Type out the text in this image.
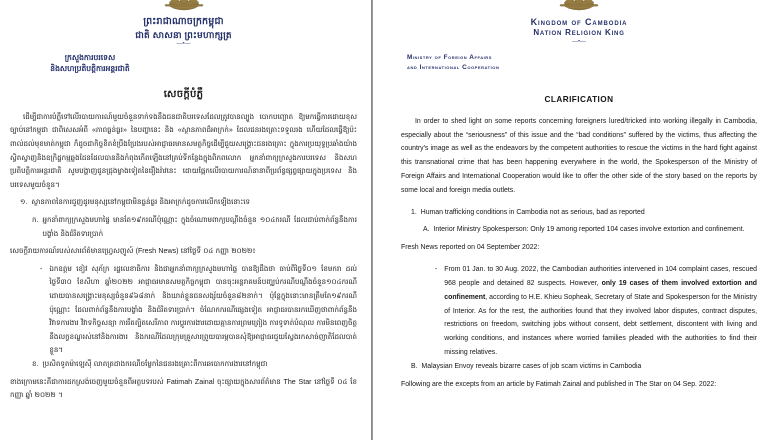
ព្រះរាជាណាចក្រកម្ពុជា
ជាតិ សាសនា ព្រះមហាក្សត្រ
—•—
ក្រសួងការបរទេស
និងសហប្រតិបត្តិការអន្តរជាតិ
សេចក្តីបំភ្លឺ

ដើម្បីជាការបំភ្លឺទៅលើរបាយការណ៍មួយចំនួនទាក់ទងនឹងជនជាតិបរទេសដែលត្រូវបានល្បួង បោកបញ្ឆោត ឱ្យមកធ្វើការដោយខុសច្បាប់នៅកម្ពុជា ជាពិសេសអំពី «ភាពធ្ងន់ធ្ងរ» នៃបញ្ហានេះ និង «ស្ថានភាពដ៏អាក្រក់» ដែលជនរងគ្រោះទទួលរង ហើយដែលធ្វើឱ្យប៉ះពាល់ដល់មុខមាត់កម្ពុជា ក៏ដូចជាកិច្ចខិតខំប្រឹងប្រែងរបស់អាជ្ញាធរមានសមត្ថកិច្ចដើម្បីជួយសង្គ្រោះជនរងគ្រោះ ក្នុងការប្រយុទ្ធប្រឆាំងយ៉ាងស្វិតស្វាញនិងឧក្រិដ្ឋកម្មឆ្លងដែនដែលបាននិងកំពុងកើតឡើងនៅគ្រប់ទីកន្លែងក្នុងពិភពលោក អ្នកនាំពាក្យក្រសួងការបរទេស និងសហប្រតិបត្តិការអន្តរជាតិ សូមបង្ហាញជូនជ្រុងម្ខាងទៀតនៃរឿងរ៉ាវនេះ ដោយផ្អែកលើរបាយការណ៍នានាពីប្រព័ន្ធផ្សព្វផ្សាយក្នុងប្រទេស និងបរទេសមួយចំនួន។

១. ស្ថានភាពនៃការជួញដូរមនុស្សនៅកម្ពុជាមិនធ្ងន់ធ្ងរ និងអាក្រក់ដូចការលើកឡើងនោះទេ
ក. អ្នកនាំពាក្យក្រសួងមហាផ្ទៃ មានតែ១៩ករណីប៉ុណ្ណោះ ក្នុងចំណោមពាក្យបណ្តឹងចំនួន ១០៤ករណី ដែលជាប់ពាក់ព័ន្ធនឹងការបង្ខាំង និងជំរិតទារប្រាក់

សេចក្តីរាយការណ៍របស់សារព័ត៌មានហ្វ្រេសញូស៍ (Fresh News) នៅថ្ងៃទី ០៤ កញ្ញា ២០២២៖

- ឯកឧត្តម ខៀវ សុភ័ក្រ រដ្ឋលេខាធិការ និងជាអ្នកនាំពាក្យក្រសួងមហាផ្ទៃ បានឱ្យដឹងថា ចាប់ពីថ្ងៃទី០១ ខែមករា ដល់ថ្ងៃទី៣០ ខែសីហា ឆ្នាំ២០២២ អាជ្ញាធរមានសមត្ថកិច្ចកម្ពុជា បានចុះអន្តរាគមន៍បញ្ឈប់ករណីបណ្តឹងចំនួន១០៤ករណី ដោយបានសង្គ្រោះមនុស្សចំនួន៩៦៨នាក់ និងឃាត់ខ្លួនជនសង្ស័យចំនួន៨២នាក់។ ប៉ុន្តែក្នុងនោះមានត្រឹមតែ១៩ករណីប៉ុណ្ណោះ ដែលពាក់ព័ន្ធនឹងការបង្ខាំង និងជំរិតទារប្រាក់។ ចំណែកករណីផ្សេងទៀត អាជ្ញាធរបានរកឃើញថាពាក់ព័ន្ធនឹងវិវាទការងារ វិវាទកិច្ចសន្យា ការរឹតត្បិតសេរីភាព ការប្តូរការងារដោយគ្មានការព្រមព្រៀង ការទូទាត់បំណុល ការមិនពេញចិត្តនឹងលក្ខខណ្ឌរស់នៅនិងការងារ និងករណីដែលក្រុមគ្រួសារព្រួយបារម្ភបានសុំឱ្យអាជ្ញាធរជួយស្វែងរកសាច់ញាតិដែលបាត់ខ្លួន។
ខ. ប្រសិតទូតម៉ាឡេស៊ី លាតត្រដាងករណីចម្លែកនៃជនរងគ្រោះពីការឆបោកការងារនៅកម្ពុជា

ខាងក្រោមនេះគឺជាការដកស្រង់ចេញមួយចំនួនពីអត្ថបទរបស់ Fatimah Zainal ចុះផ្សាយក្នុងសារព័ត៌មាន The Star នៅថ្ងៃទី ០៤ ខែកញ្ញា ឆ្នាំ ២០២២ ។

Kingdom of Cambodia
Nation Religion King
—•—
Ministry of Foreign Affairs
and International Cooperation
CLARIFICATION

In order to shed light on some reports concerning foreigners lured/tricked into working illegally in Cambodia, especially about the “seriousness” of this issue and the “bad conditions” suffered by the victims, thus affecting the country's image as well as the endeavors by the competent authorities to rescue the victims in the hard fight against this transnational crime that has been happening everywhere in the world, the Spokesperson of the Ministry of Foreign Affairs and International Cooperation would like to offer the other side of the story based on the reports by some local and foreign media outlets.

1. Human trafficking conditions in Cambodia not as serious, bad as reported
A. Interior Ministry Spokesperson: Only 19 among reported 104 cases involve extortion and confinement.

Fresh News reported on 04 September 2022:

-	From 01 Jan. to 30 Aug. 2022, the Cambodian authorities intervened in 104 complaint cases, rescued 968 people and detained 82 suspects. However, only 19 cases of them involved extortion and confinement, according to H.E. Khieu Sopheak, Secretary of State and Spokesperson for the Ministry of Interior. As for the rest, the authorities found that they involved labor disputes, contract disputes, restrictions on freedom, switching jobs without consent, debt settlement, discontent with living and working conditions, and instances where worried families pleaded with the authorities to find their missing relatives.
B. Malaysian Envoy reveals bizarre cases of job scam victims in Cambodia

Following are the excepts from an article by Fatimah Zainal and published in The Star on 04 Sep. 2022:
